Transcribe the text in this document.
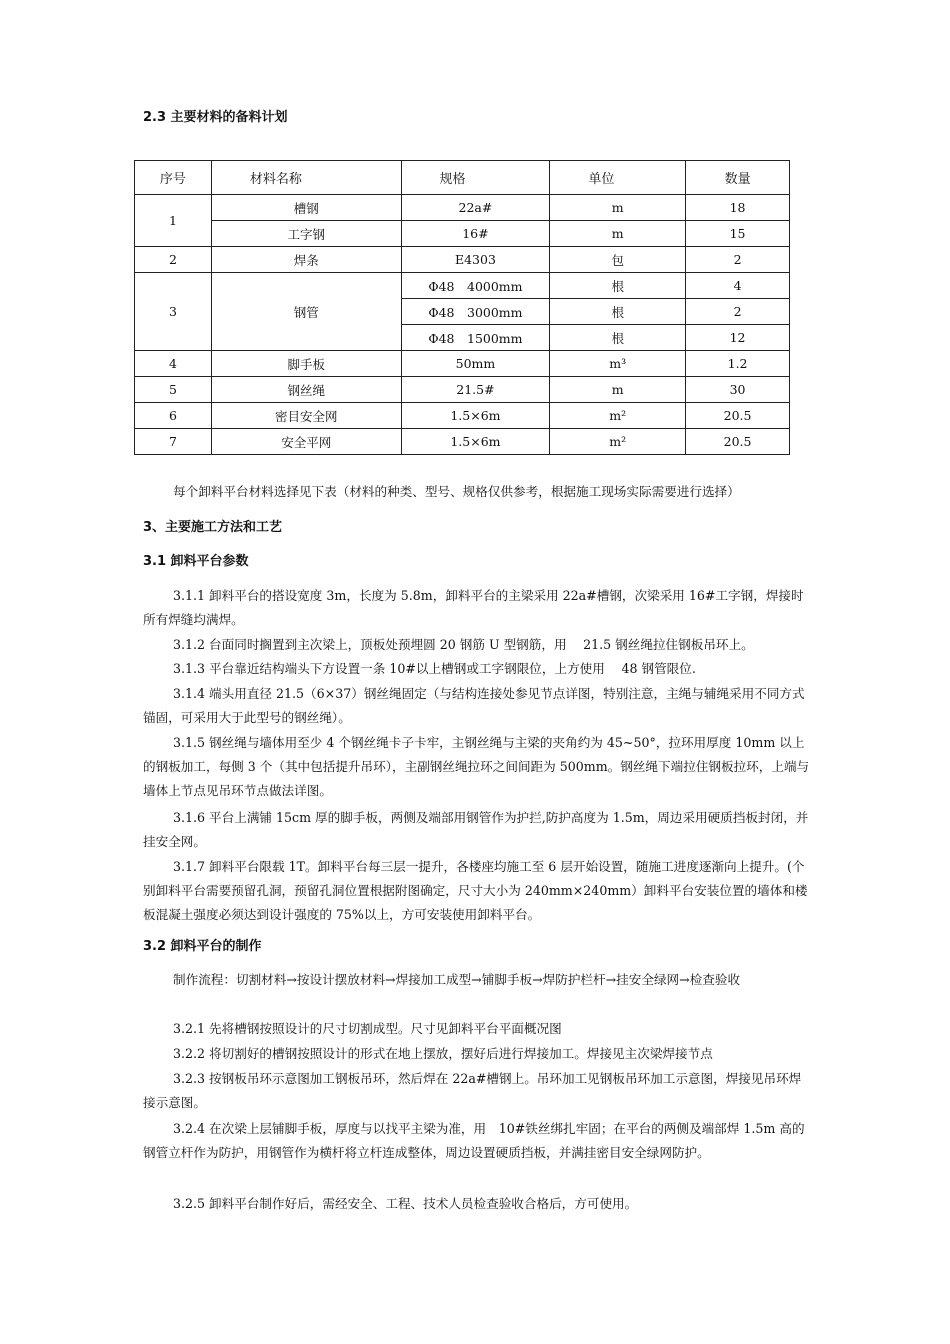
2.3 主要材料的备料计划
序号	材料名称	规格	单位	数量
1	槽钢	22a#	m	18
	工字钢	16#	m	15
2	焊条	E4303	包	2
3	钢管	Φ48　4000mm	根	4
		Φ48　3000mm	根	2
		Φ48　1500mm	根	12
4	脚手板	50mm	m³	1.2
5	钢丝绳	21.5#	m	30
6	密目安全网	1.5×6m	m²	20.5
7	安全平网	1.5×6m	m²	20.5
每个卸料平台材料选择见下表（材料的种类、型号、规格仅供参考，根据施工现场实际需要进行选择）
3、主要施工方法和工艺
3.1 卸料平台参数
3.1.1 卸料平台的搭设宽度 3m，长度为 5.8m，卸料平台的主梁采用 22a#槽钢，次梁采用 16#工字钢，焊接时所有焊缝均满焊。
3.1.2 台面同时搁置到主次梁上，顶板处预埋圆 20 钢筋 U 型钢筋，用　 21.5 钢丝绳拉住钢板吊环上。
3.1.3 平台靠近结构端头下方设置一条 10#以上槽钢或工字钢限位，上方使用　 48 钢管限位.
3.1.4 端头用直径 21.5（6×37）钢丝绳固定（与结构连接处参见节点详图，特别注意，主绳与辅绳采用不同方式锚固，可采用大于此型号的钢丝绳）。
3.1.5 钢丝绳与墙体用至少 4 个钢丝绳卡子卡牢，主钢丝绳与主梁的夹角约为 45~50°，拉环用厚度 10mm 以上的钢板加工，每侧 3 个（其中包括提升吊环），主副钢丝绳拉环之间间距为 500mm。钢丝绳下端拉住钢板拉环，上端与墙体上节点见吊环节点做法详图。
3.1.6 平台上满铺 15cm 厚的脚手板，两侧及端部用钢管作为护拦,防护高度为 1.5m，周边采用硬质挡板封闭，并挂安全网。
3.1.7 卸料平台限载 1T。卸料平台每三层一提升，各楼座均施工至 6 层开始设置，随施工进度逐渐向上提升。(个别卸料平台需要预留孔洞，预留孔洞位置根据附图确定，尺寸大小为 240mm×240mm）卸料平台安装位置的墙体和楼板混凝土强度必须达到设计强度的 75%以上，方可安装使用卸料平台。
3.2 卸料平台的制作
制作流程：切割材料→按设计摆放材料→焊接加工成型→铺脚手板→焊防护栏杆→挂安全绿网→检查验收
3.2.1 先将槽钢按照设计的尺寸切割成型。尺寸见卸料平台平面概况图
3.2.2 将切割好的槽钢按照设计的形式在地上摆放，摆好后进行焊接加工。焊接见主次梁焊接节点
3.2.3 按钢板吊环示意图加工钢板吊环，然后焊在 22a#槽钢上。吊环加工见钢板吊环加工示意图，焊接见吊环焊接示意图。
3.2.4 在次梁上层铺脚手板，厚度与以找平主梁为准，用　10#铁丝绑扎牢固；在平台的两侧及端部焊 1.5m 高的钢管立杆作为防护，用钢管作为横杆将立杆连成整体，周边设置硬质挡板，并满挂密目安全绿网防护。
3.2.5 卸料平台制作好后，需经安全、工程、技术人员检查验收合格后，方可使用。
